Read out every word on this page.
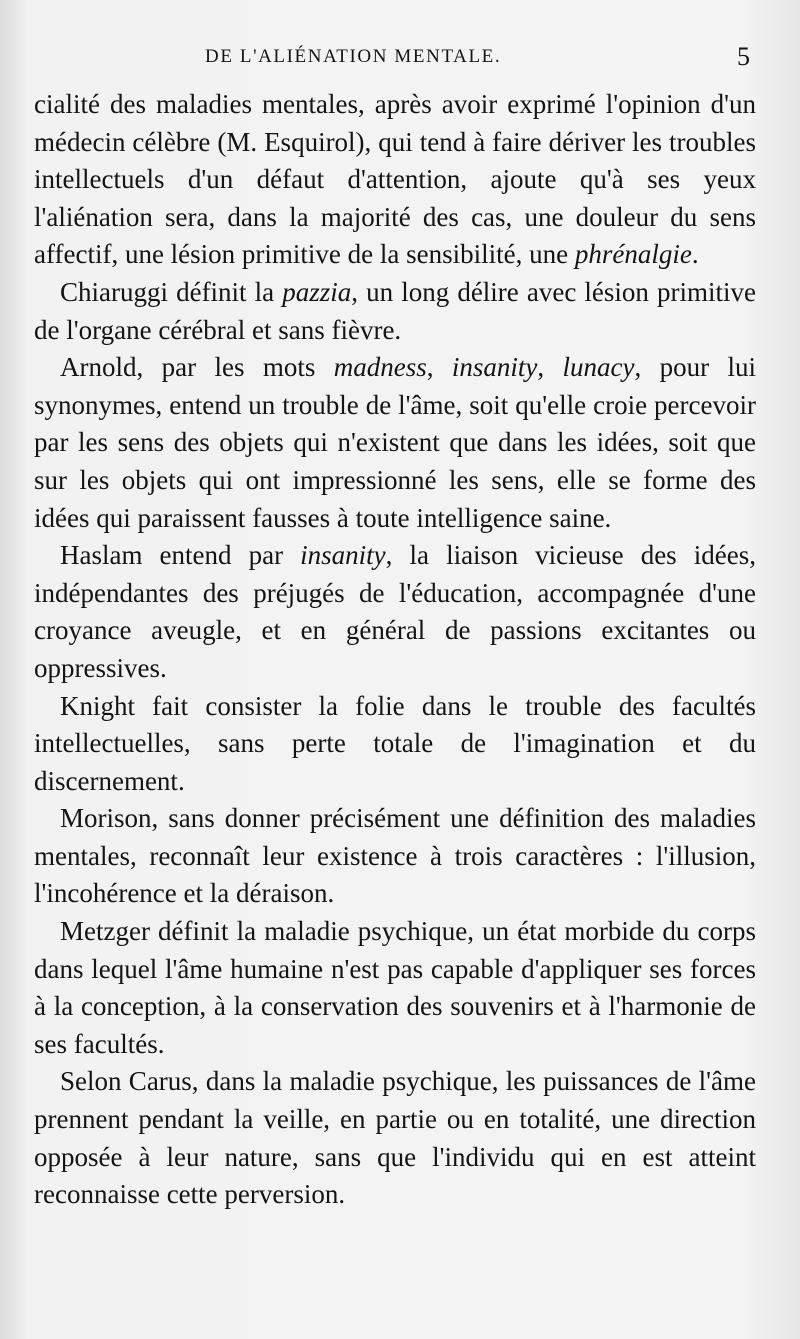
DE L'ALIÉNATION MENTALE.	5

cialité des maladies mentales, après avoir exprimé l'opinion d'un médecin célèbre (M. Esquirol), qui tend à faire dériver les troubles intellectuels d'un défaut d'attention, ajoute qu'à ses yeux l'aliénation sera, dans la majorité des cas, une douleur du sens affectif, une lésion primitive de la sensibilité, une phrénalgie.

Chiaruggi définit la pazzia, un long délire avec lésion primitive de l'organe cérébral et sans fièvre.

Arnold, par les mots madness, insanity, lunacy, pour lui synonymes, entend un trouble de l'âme, soit qu'elle croie percevoir par les sens des objets qui n'existent que dans les idées, soit que sur les objets qui ont impressionné les sens, elle se forme des idées qui paraissent fausses à toute intelligence saine.

Haslam entend par insanity, la liaison vicieuse des idées, indépendantes des préjugés de l'éducation, accompagnée d'une croyance aveugle, et en général de passions excitantes ou oppressives.

Knight fait consister la folie dans le trouble des facultés intellectuelles, sans perte totale de l'imagination et du discernement.

Morison, sans donner précisément une définition des maladies mentales, reconnaît leur existence à trois caractères : l'illusion, l'incohérence et la déraison.

Metzger définit la maladie psychique, un état morbide du corps dans lequel l'âme humaine n'est pas capable d'appliquer ses forces à la conception, à la conservation des souvenirs et à l'harmonie de ses facultés.

Selon Carus, dans la maladie psychique, les puissances de l'âme prennent pendant la veille, en partie ou en totalité, une direction opposée à leur nature, sans que l'individu qui en est atteint reconnaisse cette perversion.
